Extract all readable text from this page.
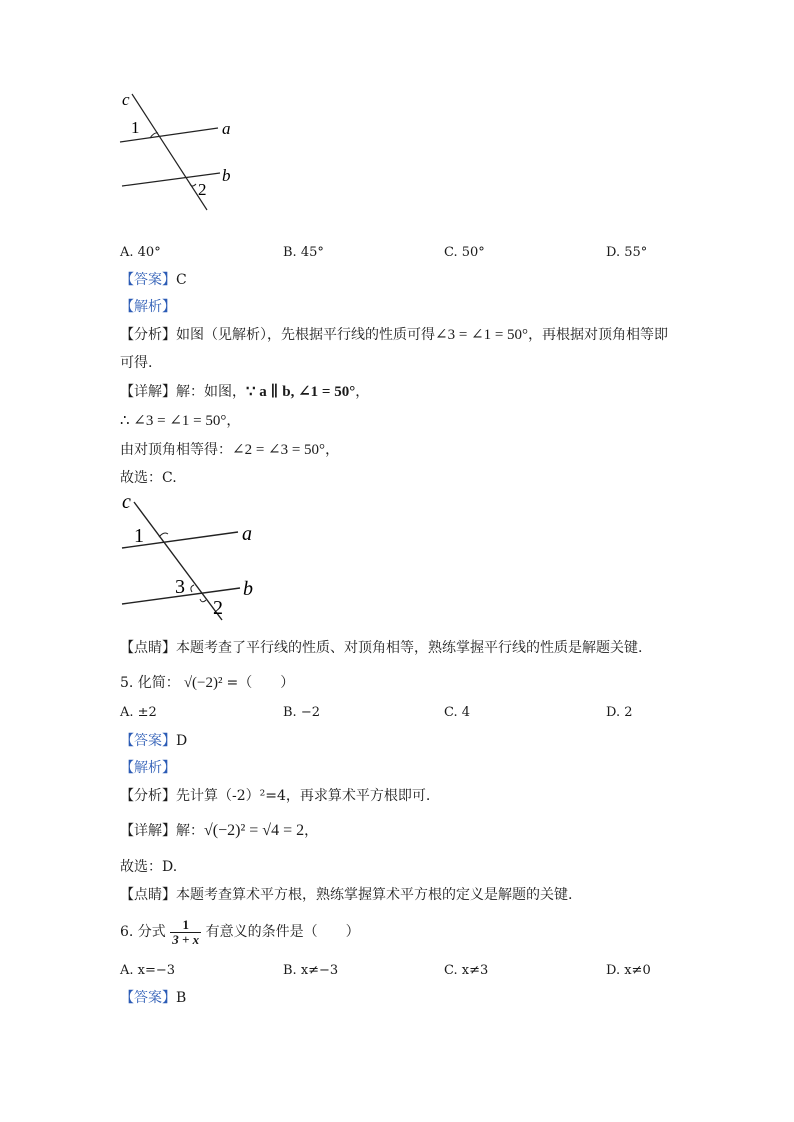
c
1	a
b
2
A. 40°	B. 45°	C. 50°	D. 55°
【答案】C
【解析】
【分析】如图（见解析），先根据平行线的性质可得∠3 = ∠1 = 50°，再根据对顶角相等即
可得.
【详解】解：如图，∵ a ∥ b, ∠1 = 50°，
∴ ∠3 = ∠1 = 50°，
由对顶角相等得：∠2 = ∠3 = 50°，
故选：C.
c
1	a
3	b
2
【点睛】本题考查了平行线的性质、对顶角相等，熟练掌握平行线的性质是解题关键.
5. 化简： √(−2)² =（　　）
A. ±2	B. −2	C. 4	D. 2
【答案】D
【解析】
【分析】先计算（-2）²=4，再求算术平方根即可.
【详解】解：√(−2)² = √4 = 2，
故选：D.
【点睛】本题考查算术平方根，熟练掌握算术平方根的定义是解题的关键.
6. 分式 $\frac{1}{3 + x}$ 有意义的条件是（　　）
A. x=−3	B. x≠−3	C. x≠3	D. x≠0
【答案】B
